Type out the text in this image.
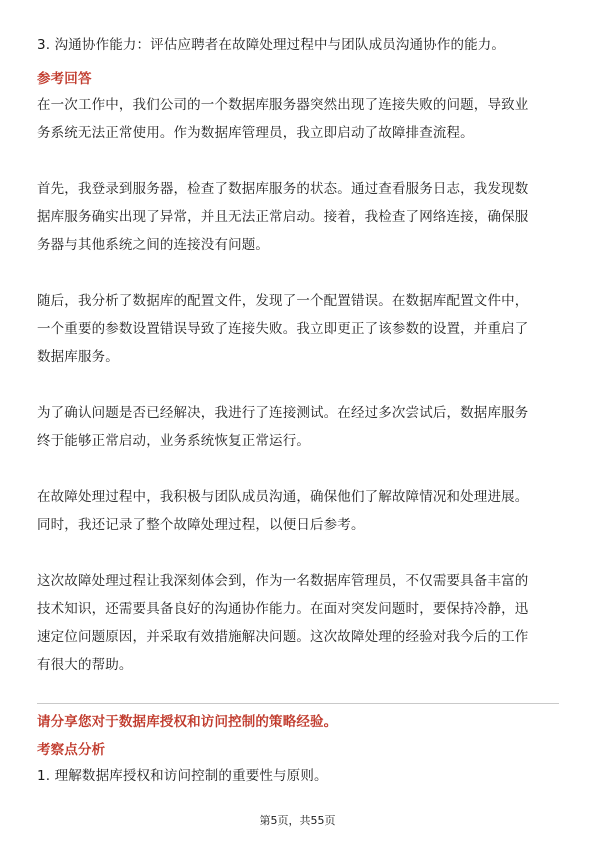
3. 沟通协作能力：评估应聘者在故障处理过程中与团队成员沟通协作的能力。
参考回答
在一次工作中，我们公司的一个数据库服务器突然出现了连接失败的问题，导致业
务系统无法正常使用。作为数据库管理员，我立即启动了故障排查流程。
首先，我登录到服务器，检查了数据库服务的状态。通过查看服务日志，我发现数
据库服务确实出现了异常，并且无法正常启动。接着，我检查了网络连接，确保服
务器与其他系统之间的连接没有问题。
随后，我分析了数据库的配置文件，发现了一个配置错误。在数据库配置文件中，
一个重要的参数设置错误导致了连接失败。我立即更正了该参数的设置，并重启了
数据库服务。
为了确认问题是否已经解决，我进行了连接测试。在经过多次尝试后，数据库服务
终于能够正常启动，业务系统恢复正常运行。
在故障处理过程中，我积极与团队成员沟通，确保他们了解故障情况和处理进展。
同时，我还记录了整个故障处理过程，以便日后参考。
这次故障处理过程让我深刻体会到，作为一名数据库管理员，不仅需要具备丰富的
技术知识，还需要具备良好的沟通协作能力。在面对突发问题时，要保持冷静，迅
速定位问题原因，并采取有效措施解决问题。这次故障处理的经验对我今后的工作
有很大的帮助。
请分享您对于数据库授权和访问控制的策略经验。
考察点分析
1. 理解数据库授权和访问控制的重要性与原则。
第5页，共55页
